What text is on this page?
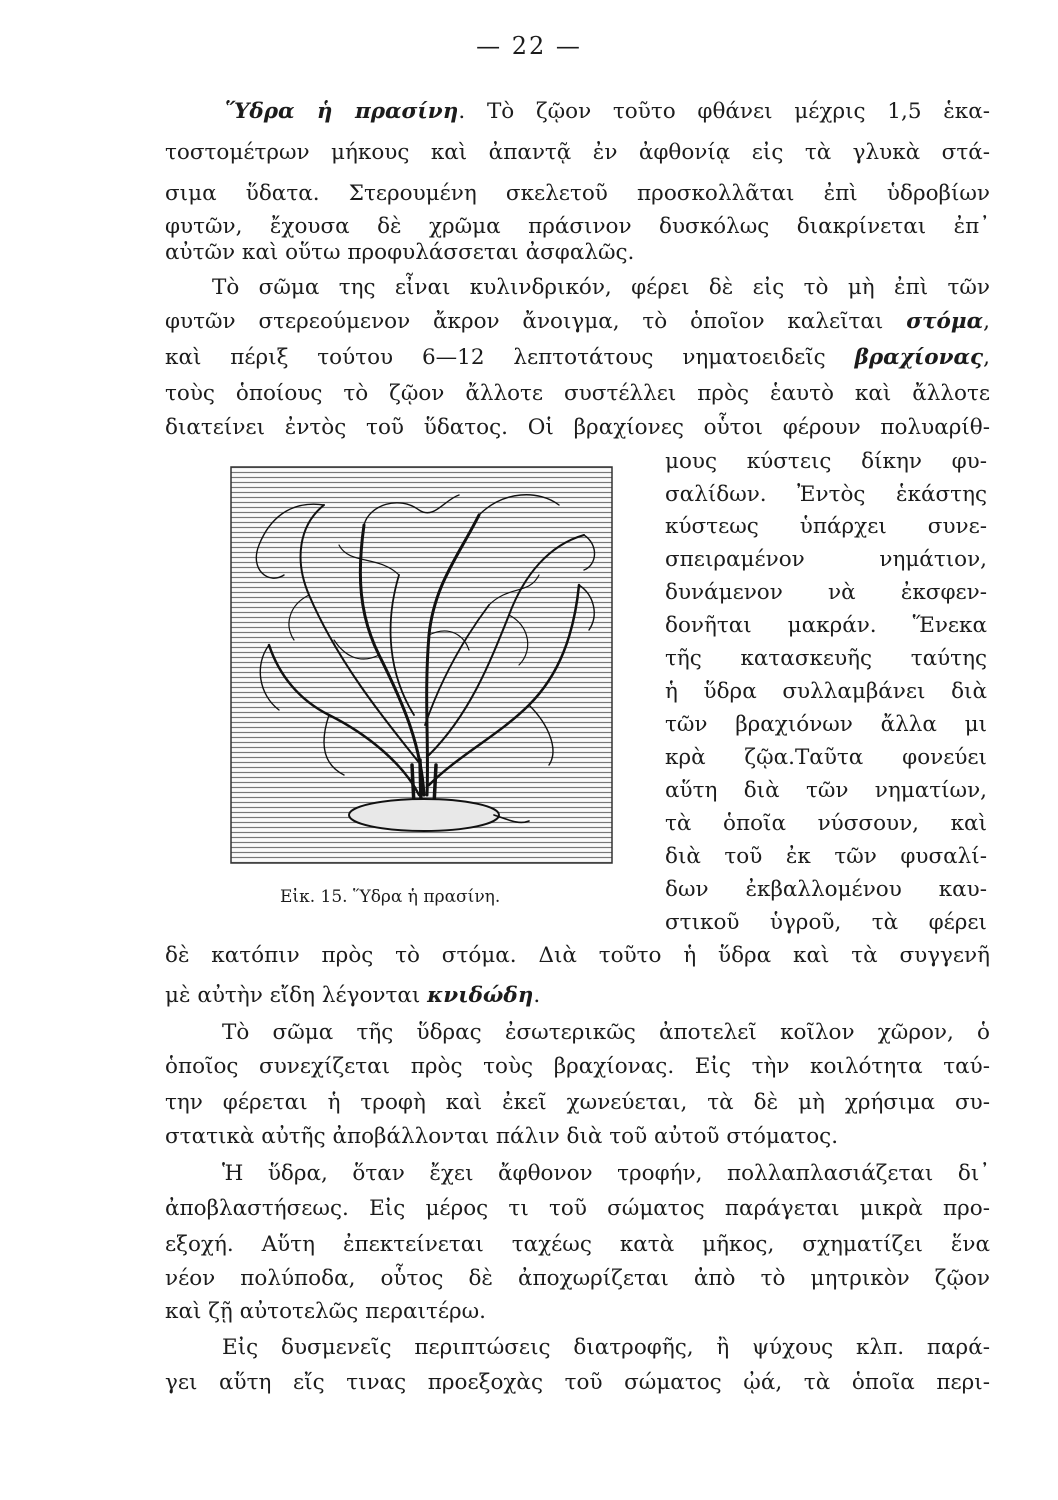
— 22 —
Ὕδρα ἡ πρασίνη. Τὸ ζῷον τοῦτο φθάνει μέχρις 1,5 ἑκα-
τοστομέτρων μήκους καὶ ἀπαντᾷ ἐν ἀφθονίᾳ εἰς τὰ γλυκὰ στά-
σιμα ὕδατα. Στερουμένη σκελετοῦ προσκολλᾶται ἐπὶ ὑδροβίων
φυτῶν, ἔχουσα δὲ χρῶμα πράσινον δυσκόλως διακρίνεται ἐπ᾿
αὐτῶν καὶ οὕτω προφυλάσσεται ἀσφαλῶς.
Τὸ σῶμα της εἶναι κυλινδρικόν, φέρει δὲ εἰς τὸ μὴ ἐπὶ τῶν
φυτῶν στερεούμενον ἄκρον ἄνοιγμα, τὸ ὁποῖον καλεῖται στόμα,
καὶ πέριξ τούτου 6—12 λεπτοτάτους νηματοειδεῖς βραχίονας,
τοὺς ὁποίους τὸ ζῷον ἄλλοτε συστέλλει πρὸς ἑαυτὸ καὶ ἄλλοτε
διατείνει ἐντὸς τοῦ ὕδατος. Οἱ βραχίονες οὗτοι φέρουν πολυαρίθ-
μους κύστεις δίκην φυ-
σαλίδων. Ἐντὸς ἑκάστης
κύστεως ὑπάρχει συνε-
σπειραμένον νημάτιον,
δυνάμενον νὰ ἐκσφεν-
δονῆται μακράν. Ἕνεκα
τῆς κατασκευῆς ταύτης
ἡ ὕδρα συλλαμβάνει διὰ
τῶν βραχιόνων ἄλλα μι
κρὰ ζῷα.Ταῦτα φονεύει
αὕτη διὰ τῶν νηματίων,
τὰ ὁποῖα νύσσουν, καὶ
διὰ τοῦ ἐκ τῶν φυσαλί-
δων ἐκβαλλομένου καυ-
στικοῦ ὑγροῦ, τὰ φέρει
Εἰκ. 15. Ὕδρα ἡ πρασίνη.
δὲ κατόπιν πρὸς τὸ στόμα. Διὰ τοῦτο ἡ ὕδρα καὶ τὰ συγγενῆ
μὲ αὐτὴν εἴδη λέγονται κνιδώδη.
Τὸ σῶμα τῆς ὕδρας ἐσωτερικῶς ἀποτελεῖ κοῖλον χῶρον, ὁ
ὁποῖος συνεχίζεται πρὸς τοὺς βραχίονας. Εἰς τὴν κοιλότητα ταύ-
την φέρεται ἡ τροφὴ καὶ ἐκεῖ χωνεύεται, τὰ δὲ μὴ χρήσιμα συ-
στατικὰ αὐτῆς ἀποβάλλονται πάλιν διὰ τοῦ αὐτοῦ στόματος.
Ἡ ὕδρα, ὅταν ἔχει ἄφθονον τροφήν, πολλαπλασιάζεται δι᾿
ἀποβλαστήσεως. Εἰς μέρος τι τοῦ σώματος παράγεται μικρὰ προ-
εξοχή. Αὕτη ἐπεκτείνεται ταχέως κατὰ μῆκος, σχηματίζει ἕνα
νέον πολύποδα, οὗτος δὲ ἀποχωρίζεται ἀπὸ τὸ μητρικὸν ζῷον
καὶ ζῇ αὐτοτελῶς περαιτέρω.
Εἰς δυσμενεῖς περιπτώσεις διατροφῆς, ἢ ψύχους κλπ. παρά-
γει αὕτη εἴς τινας προεξοχὰς τοῦ σώματος ᾠά, τὰ ὁποῖα περι-
